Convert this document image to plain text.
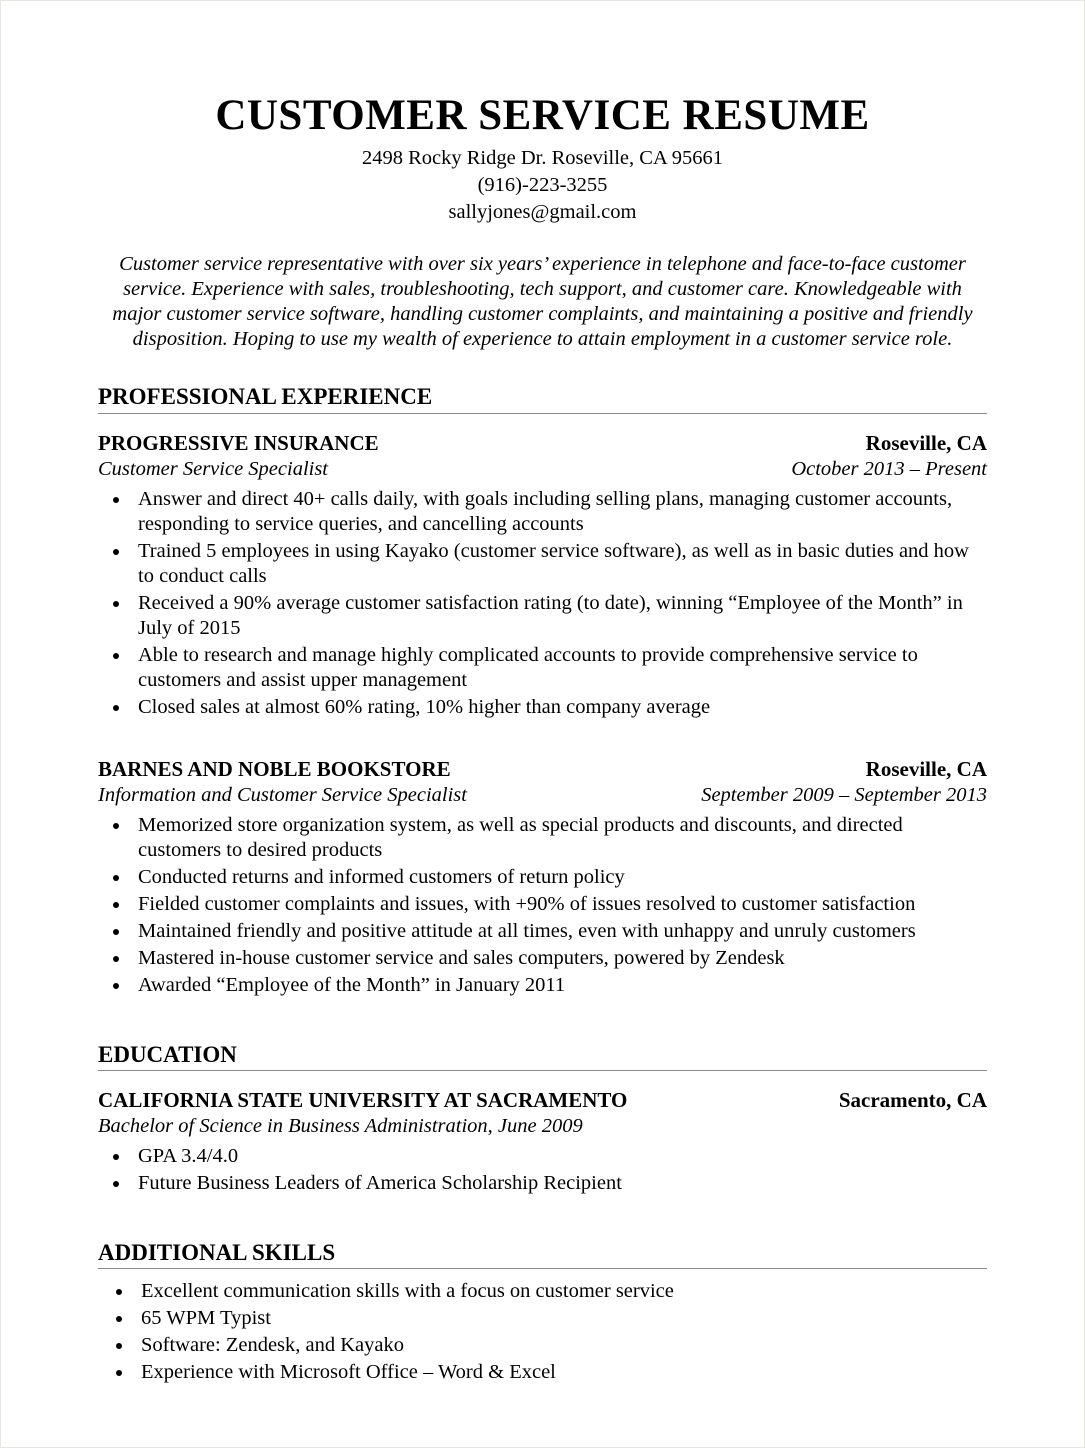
CUSTOMER SERVICE RESUME
2498 Rocky Ridge Dr. Roseville, CA 95661
(916)-223-3255
sallyjones@gmail.com

Customer service representative with over six years’ experience in telephone and face-to-face customer service. Experience with sales, troubleshooting, tech support, and customer care. Knowledgeable with major customer service software, handling customer complaints, and maintaining a positive and friendly disposition. Hoping to use my wealth of experience to attain employment in a customer service role.

PROFESSIONAL EXPERIENCE
PROGRESSIVE INSURANCE	Roseville, CA
Customer Service Specialist	October 2013 – Present
• Answer and direct 40+ calls daily, with goals including selling plans, managing customer accounts, responding to service queries, and cancelling accounts
• Trained 5 employees in using Kayako (customer service software), as well as in basic duties and how to conduct calls
• Received a 90% average customer satisfaction rating (to date), winning “Employee of the Month” in July of 2015
• Able to research and manage highly complicated accounts to provide comprehensive service to customers and assist upper management
• Closed sales at almost 60% rating, 10% higher than company average
BARNES AND NOBLE BOOKSTORE	Roseville, CA
Information and Customer Service Specialist	September 2009 – September 2013
• Memorized store organization system, as well as special products and discounts, and directed customers to desired products
• Conducted returns and informed customers of return policy
• Fielded customer complaints and issues, with +90% of issues resolved to customer satisfaction
• Maintained friendly and positive attitude at all times, even with unhappy and unruly customers
• Mastered in-house customer service and sales computers, powered by Zendesk
• Awarded “Employee of the Month” in January 2011
EDUCATION
CALIFORNIA STATE UNIVERSITY AT SACRAMENTO	Sacramento, CA
Bachelor of Science in Business Administration, June 2009
• GPA 3.4/4.0
• Future Business Leaders of America Scholarship Recipient
ADDITIONAL SKILLS
• Excellent communication skills with a focus on customer service
• 65 WPM Typist
• Software: Zendesk, and Kayako
• Experience with Microsoft Office – Word & Excel
